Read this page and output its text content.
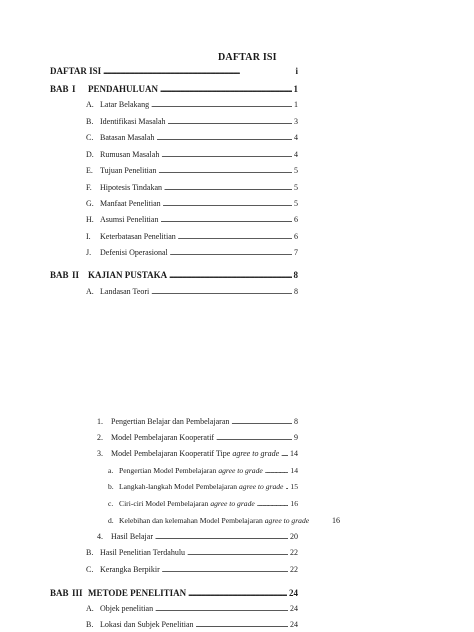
DAFTAR ISI
DAFTAR ISI . . .	i
BAB I	PENDAHULUAN . . .	1
A. Latar Belakang . . .	1
B. Identifikasi Masalah . . .	3
C. Batasan Masalah . . .	4
D. Rumusan Masalah . . .	4
E. Tujuan Penelitian . . .	5
F.	Hipotesis Tindakan . . .	5
G. Manfaat Penelitian . . .	5
H. Asumsi Penelitian . . .	6
I.	Keterbatasan Penelitian . . .	6
J.	Defenisi Operasional . . .	7
BAB II KAJIAN PUSTAKA . . .	8
A. Landasan Teori . . .	8
1.	Pengertian Belajar dan Pembelajaran . . .	8
2.	Model Pembelajaran Kooperatif . . .	9
3.	Model Pembelajaran Kooperatif Tipe
agree to grade . . . 14
a. Pengertian Model Pembelajaran
agree to grade . . .	14
b. Langkah-langkah Model Pembelajaran
agree to grade . . . 15
c. Ciri-ciri Model Pembelajaran
agree to grade . . .	16
d. Kelebihan dan kelemahan Model Pembelajaran
agree to grade	16
4.	Hasil Belajar . . .	20
B. Hasil Penelitian Terdahulu . . .	22
C. Kerangka Berpikir . . .	22
BAB III METODE PENELITIAN . . .	24
A. Objek penelitian . . .	24
B. Lokasi dan Subjek Penelitian . . .	24
